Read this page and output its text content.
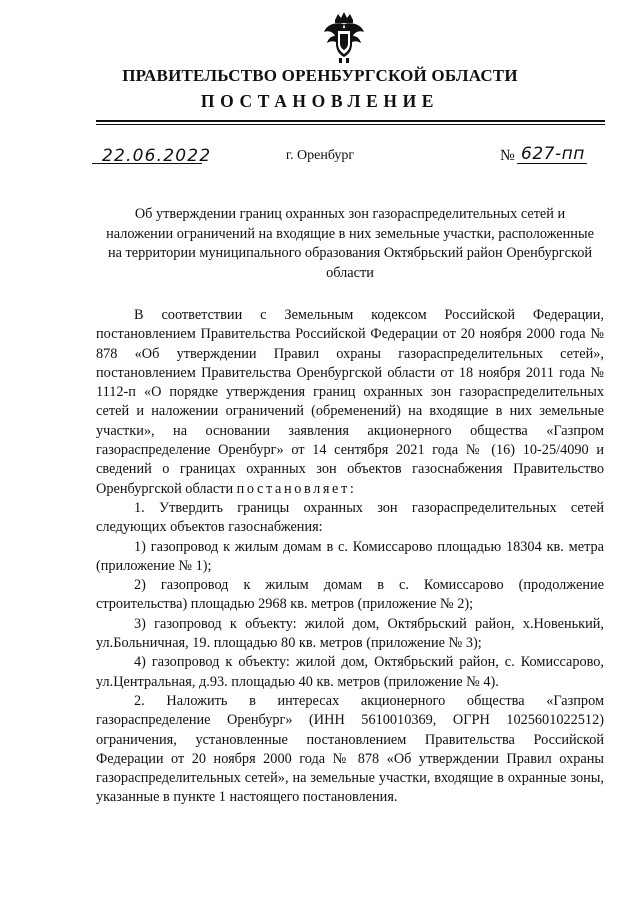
ПРАВИТЕЛЬСТВО ОРЕНБУРГСКОЙ ОБЛАСТИ
ПОСТАНОВЛЕНИЕ
22.06.2022	г. Оренбург	№ 627-пп
Об утверждении границ охранных зон газораспределительных сетей и наложении ограничений на входящие в них земельные участки, расположенные на территории муниципального образования Октябрьский район Оренбургской области

В соответствии с Земельным кодексом Российской Федерации, постановлением Правительства Российской Федерации от 20 ноября 2000 года № 878 «Об утверждении Правил охраны газораспределительных сетей», постановлением Правительства Оренбургской области от 18 ноября 2011 года № 1112-п «О порядке утверждения границ охранных зон газораспределительных сетей и наложении ограничений (обременений) на входящие в них земельные участки», на основании заявления акционерного общества «Газпром газораспределение Оренбург» от 14 сентября 2021 года № (16) 10-25/4090 и сведений о границах охранных зон объектов газоснабжения Правительство Оренбургской области постановляет:

1. Утвердить границы охранных зон газораспределительных сетей следующих объектов газоснабжения:

1) газопровод к жилым домам в с. Комиссарово площадью 18304 кв. метра (приложение № 1);

2) газопровод к жилым домам в с. Комиссарово (продолжение строительства) площадью 2968 кв. метров (приложение № 2);

3) газопровод к объекту: жилой дом, Октябрьский район, х.Новенький, ул.Больничная, 19. площадью 80 кв. метров (приложение № 3);

4) газопровод к объекту: жилой дом, Октябрьский район, с. Комиссарово, ул.Центральная, д.93. площадью 40 кв. метров (приложение № 4).

2. Наложить в интересах акционерного общества «Газпром газораспределение Оренбург» (ИНН 5610010369, ОГРН 1025601022512) ограничения, установленные постановлением Правительства Российской Федерации от 20 ноября 2000 года № 878 «Об утверждении Правил охраны газораспределительных сетей», на земельные участки, входящие в охранные зоны, указанные в пункте 1 настоящего постановления.
